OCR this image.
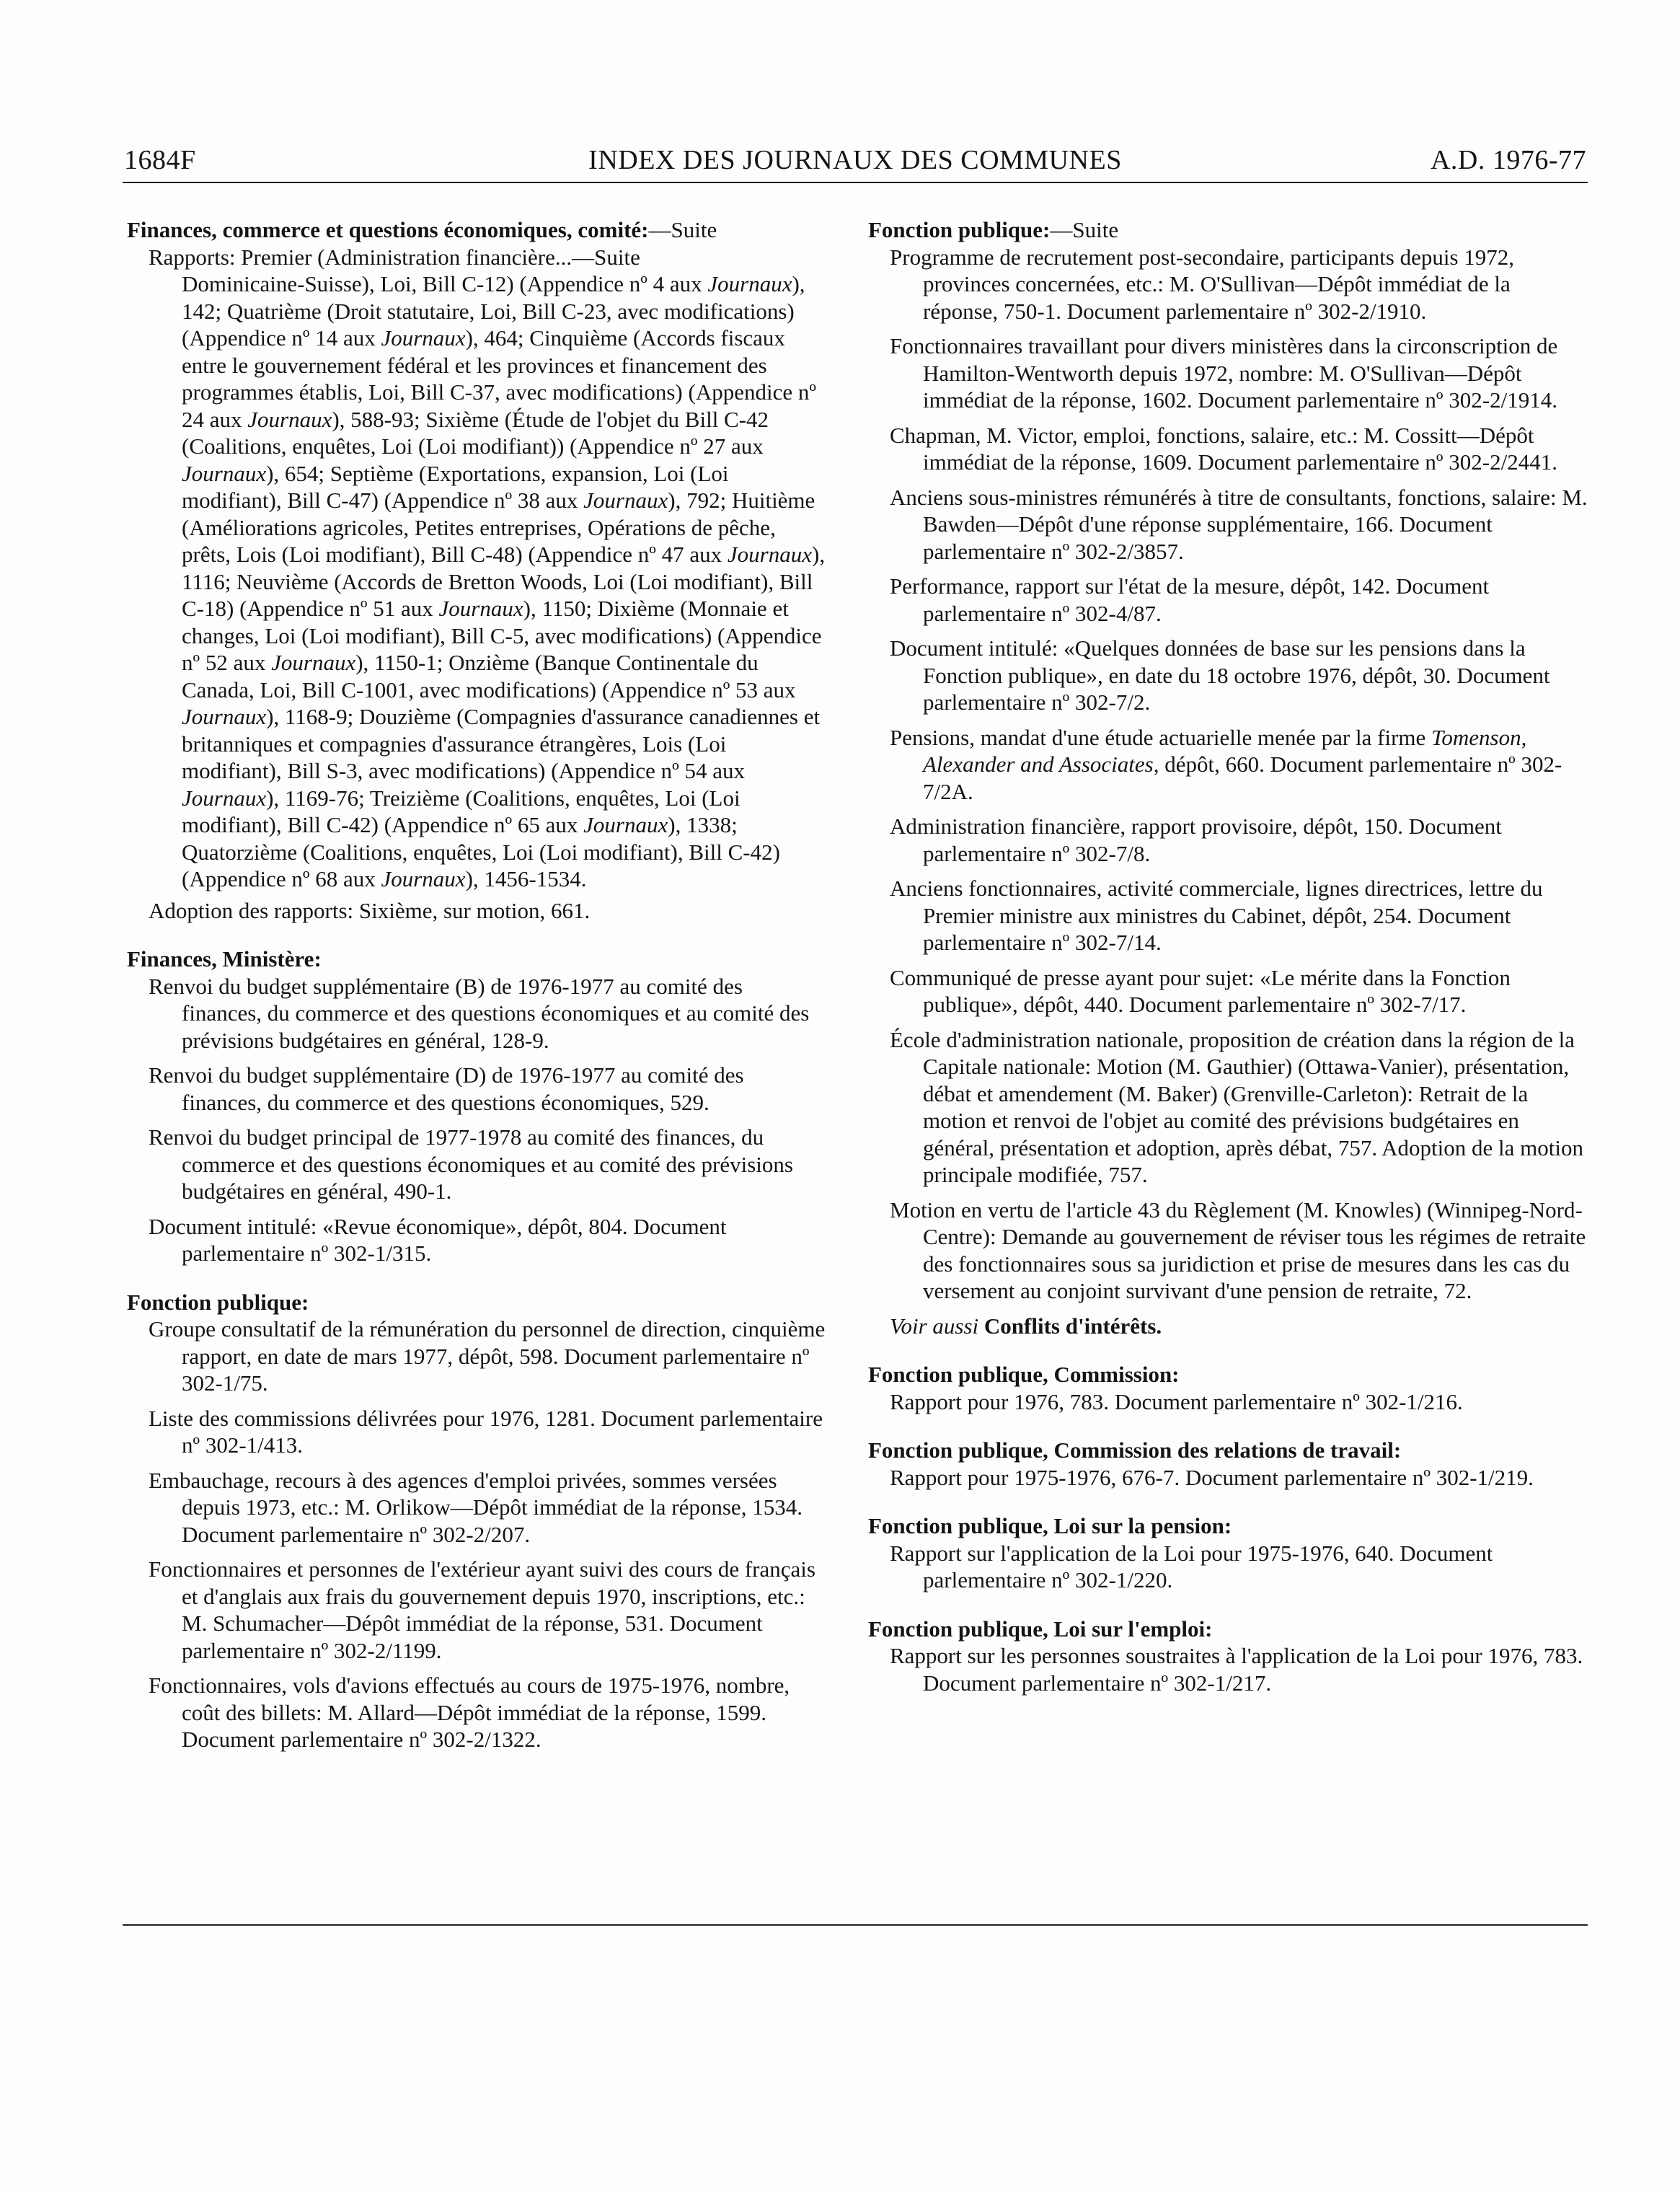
1684F	INDEX DES JOURNAUX DES COMMUNES	A.D. 1976-77

Finances, commerce et questions économiques, comité:—Suite

Rapports: Premier (Administration financière...—Suite

Dominicaine-Suisse), Loi, Bill C-12) (Appendice nº 4 aux Journaux), 142; Quatrième (Droit statutaire, Loi, Bill C-23, avec modifications) (Appendice nº 14 aux Journaux), 464; Cinquième (Accords fiscaux entre le gouvernement fédéral et les provinces et financement des programmes établis, Loi, Bill C-37, avec modifications) (Appendice nº 24 aux Journaux), 588-93; Sixième (Étude de l'objet du Bill C-42 (Coalitions, enquêtes, Loi (Loi modifiant)) (Appendice nº 27 aux Journaux), 654; Septième (Exportations, expansion, Loi (Loi modifiant), Bill C-47) (Appendice nº 38 aux Journaux), 792; Huitième (Améliorations agricoles, Petites entreprises, Opérations de pêche, prêts, Lois (Loi modifiant), Bill C-48) (Appendice nº 47 aux Journaux), 1116; Neuvième (Accords de Bretton Woods, Loi (Loi modifiant), Bill C-18) (Appendice nº 51 aux Journaux), 1150; Dixième (Monnaie et changes, Loi (Loi modifiant), Bill C-5, avec modifications) (Appendice nº 52 aux Journaux), 1150-1; Onzième (Banque Continentale du Canada, Loi, Bill C-1001, avec modifications) (Appendice nº 53 aux Journaux), 1168-9; Douzième (Compagnies d'assurance canadiennes et britanniques et compagnies d'assurance étrangères, Lois (Loi modifiant), Bill S-3, avec modifications) (Appendice nº 54 aux Journaux), 1169-76; Treizième (Coalitions, enquêtes, Loi (Loi modifiant), Bill C-42) (Appendice nº 65 aux Journaux), 1338; Quatorzième (Coalitions, enquêtes, Loi (Loi modifiant), Bill C-42) (Appendice nº 68 aux Journaux), 1456-1534.

Adoption des rapports: Sixième, sur motion, 661.

Finances, Ministère:

Renvoi du budget supplémentaire (B) de 1976-1977 au comité des finances, du commerce et des questions économiques et au comité des prévisions budgétaires en général, 128-9.

Renvoi du budget supplémentaire (D) de 1976-1977 au comité des finances, du commerce et des questions économiques, 529.

Renvoi du budget principal de 1977-1978 au comité des finances, du commerce et des questions économiques et au comité des prévisions budgétaires en général, 490-1.

Document intitulé: «Revue économique», dépôt, 804. Document parlementaire nº 302-1/315.

Fonction publique:

Groupe consultatif de la rémunération du personnel de direction, cinquième rapport, en date de mars 1977, dépôt, 598. Document parlementaire nº 302-1/75.

Liste des commissions délivrées pour 1976, 1281. Document parlementaire nº 302-1/413.

Embauchage, recours à des agences d'emploi privées, sommes versées depuis 1973, etc.: M. Orlikow—Dépôt immédiat de la réponse, 1534. Document parlementaire nº 302-2/207.

Fonctionnaires et personnes de l'extérieur ayant suivi des cours de français et d'anglais aux frais du gouvernement depuis 1970, inscriptions, etc.: M. Schumacher—Dépôt immédiat de la réponse, 531. Document parlementaire nº 302-2/1199.

Fonctionnaires, vols d'avions effectués au cours de 1975-1976, nombre, coût des billets: M. Allard—Dépôt immédiat de la réponse, 1599. Document parlementaire nº 302-2/1322.

Fonction publique:—Suite

Programme de recrutement post-secondaire, participants depuis 1972, provinces concernées, etc.: M. O'Sullivan—Dépôt immédiat de la réponse, 750-1. Document parlementaire nº 302-2/1910.

Fonctionnaires travaillant pour divers ministères dans la circonscription de Hamilton-Wentworth depuis 1972, nombre: M. O'Sullivan—Dépôt immédiat de la réponse, 1602. Document parlementaire nº 302-2/1914.

Chapman, M. Victor, emploi, fonctions, salaire, etc.: M. Cossitt—Dépôt immédiat de la réponse, 1609. Document parlementaire nº 302-2/2441.

Anciens sous-ministres rémunérés à titre de consultants, fonctions, salaire: M. Bawden—Dépôt d'une réponse supplémentaire, 166. Document parlementaire nº 302-2/3857.

Performance, rapport sur l'état de la mesure, dépôt, 142. Document parlementaire nº 302-4/87.

Document intitulé: «Quelques données de base sur les pensions dans la Fonction publique», en date du 18 octobre 1976, dépôt, 30. Document parlementaire nº 302-7/2.

Pensions, mandat d'une étude actuarielle menée par la firme Tomenson, Alexander and Associates, dépôt, 660. Document parlementaire nº 302-7/2A.

Administration financière, rapport provisoire, dépôt, 150. Document parlementaire nº 302-7/8.

Anciens fonctionnaires, activité commerciale, lignes directrices, lettre du Premier ministre aux ministres du Cabinet, dépôt, 254. Document parlementaire nº 302-7/14.

Communiqué de presse ayant pour sujet: «Le mérite dans la Fonction publique», dépôt, 440. Document parlementaire nº 302-7/17.

École d'administration nationale, proposition de création dans la région de la Capitale nationale: Motion (M. Gauthier) (Ottawa-Vanier), présentation, débat et amendement (M. Baker) (Grenville-Carleton): Retrait de la motion et renvoi de l'objet au comité des prévisions budgétaires en général, présentation et adoption, après débat, 757. Adoption de la motion principale modifiée, 757.

Motion en vertu de l'article 43 du Règlement (M. Knowles) (Winnipeg-Nord-Centre): Demande au gouvernement de réviser tous les régimes de retraite des fonctionnaires sous sa juridiction et prise de mesures dans les cas du versement au conjoint survivant d'une pension de retraite, 72.

Voir aussi Conflits d'intérêts.

Fonction publique, Commission:

Rapport pour 1976, 783. Document parlementaire nº 302-1/216.

Fonction publique, Commission des relations de travail:

Rapport pour 1975-1976, 676-7. Document parlementaire nº 302-1/219.

Fonction publique, Loi sur la pension:

Rapport sur l'application de la Loi pour 1975-1976, 640. Document parlementaire nº 302-1/220.

Fonction publique, Loi sur l'emploi:

Rapport sur les personnes soustraites à l'application de la Loi pour 1976, 783. Document parlementaire nº 302-1/217.
